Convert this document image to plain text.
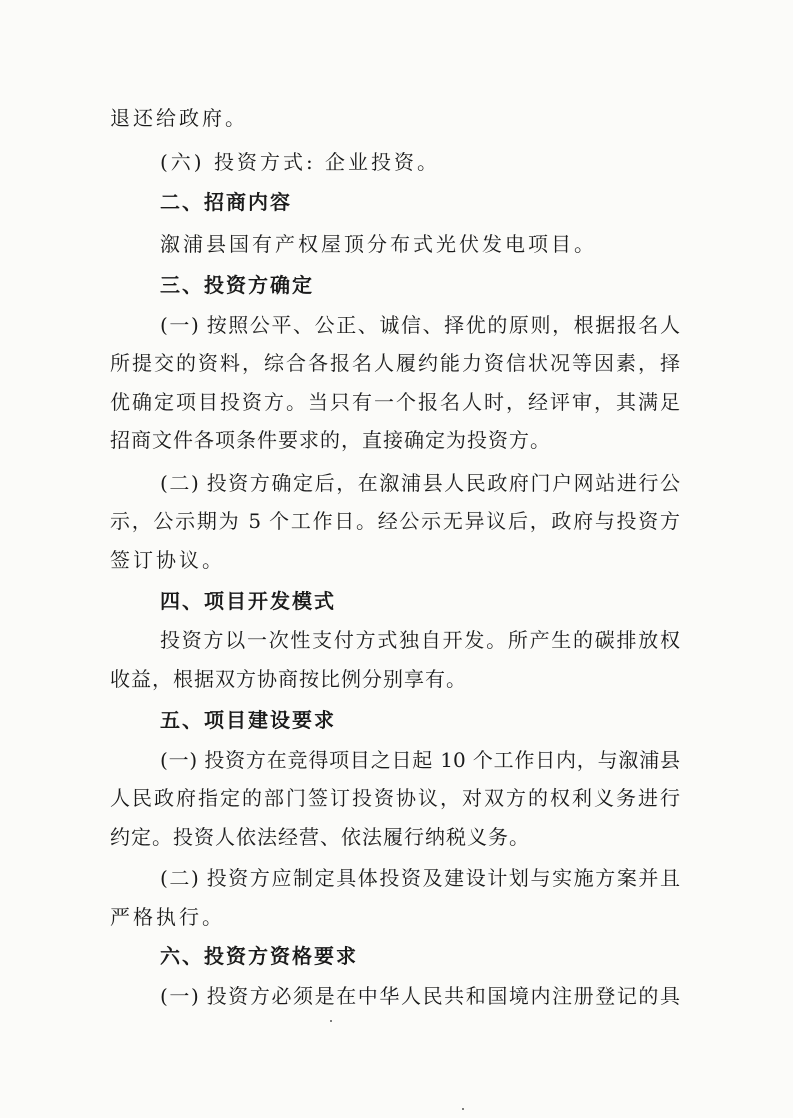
退还给政府。
(六) 投资方式: 企业投资。
二、招商内容
溆浦县国有产权屋顶分布式光伏发电项目。
三、投资方确定
(一) 按照公平、公正、诚信、择优的原则，根据报名人
所提交的资料，综合各报名人履约能力资信状况等因素，择
优确定项目投资方。当只有一个报名人时，经评审，其满足
招商文件各项条件要求的，直接确定为投资方。
(二) 投资方确定后，在溆浦县人民政府门户网站进行公
示，公示期为 5 个工作日。经公示无异议后，政府与投资方
签订协议。
四、项目开发模式
投资方以一次性支付方式独自开发。所产生的碳排放权
收益，根据双方协商按比例分别享有。
五、项目建设要求
(一) 投资方在竞得项目之日起 10 个工作日内，与溆浦县
人民政府指定的部门签订投资协议，对双方的权利义务进行
约定。投资人依法经营、依法履行纳税义务。
(二) 投资方应制定具体投资及建设计划与实施方案并且
严格执行。
六、投资方资格要求
(一) 投资方必须是在中华人民共和国境内注册登记的具
